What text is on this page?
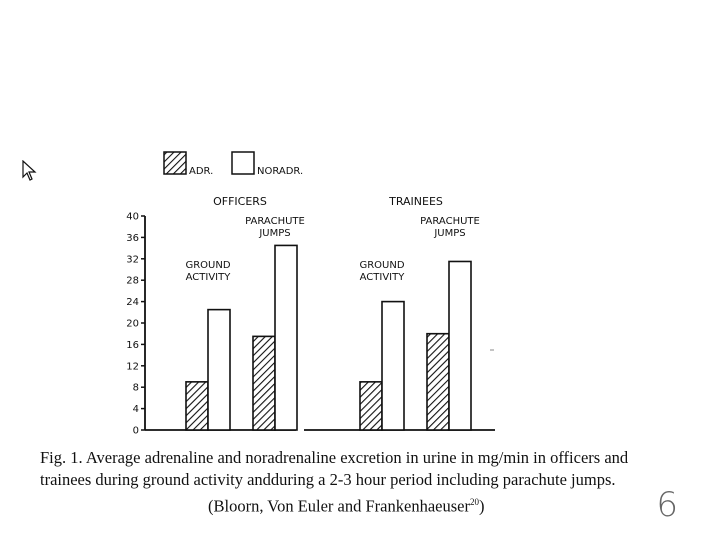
ADR.	NORADR.
0
4
8
12
16
20
24
28
32
36
40
OFFICERS
GROUND
ACTIVITY
PARACHUTE
JUMPS
TRAINEES
GROUND
ACTIVITY
PARACHUTE
JUMPS
Fig. 1. Average adrenaline and noradrenaline excretion in urine in mg/min in officers and
trainees during ground activity andduring a 2-3 hour period including parachute jumps.
(Bloorn, Von Euler and Frankenhaeuser$^{20}$)	6
